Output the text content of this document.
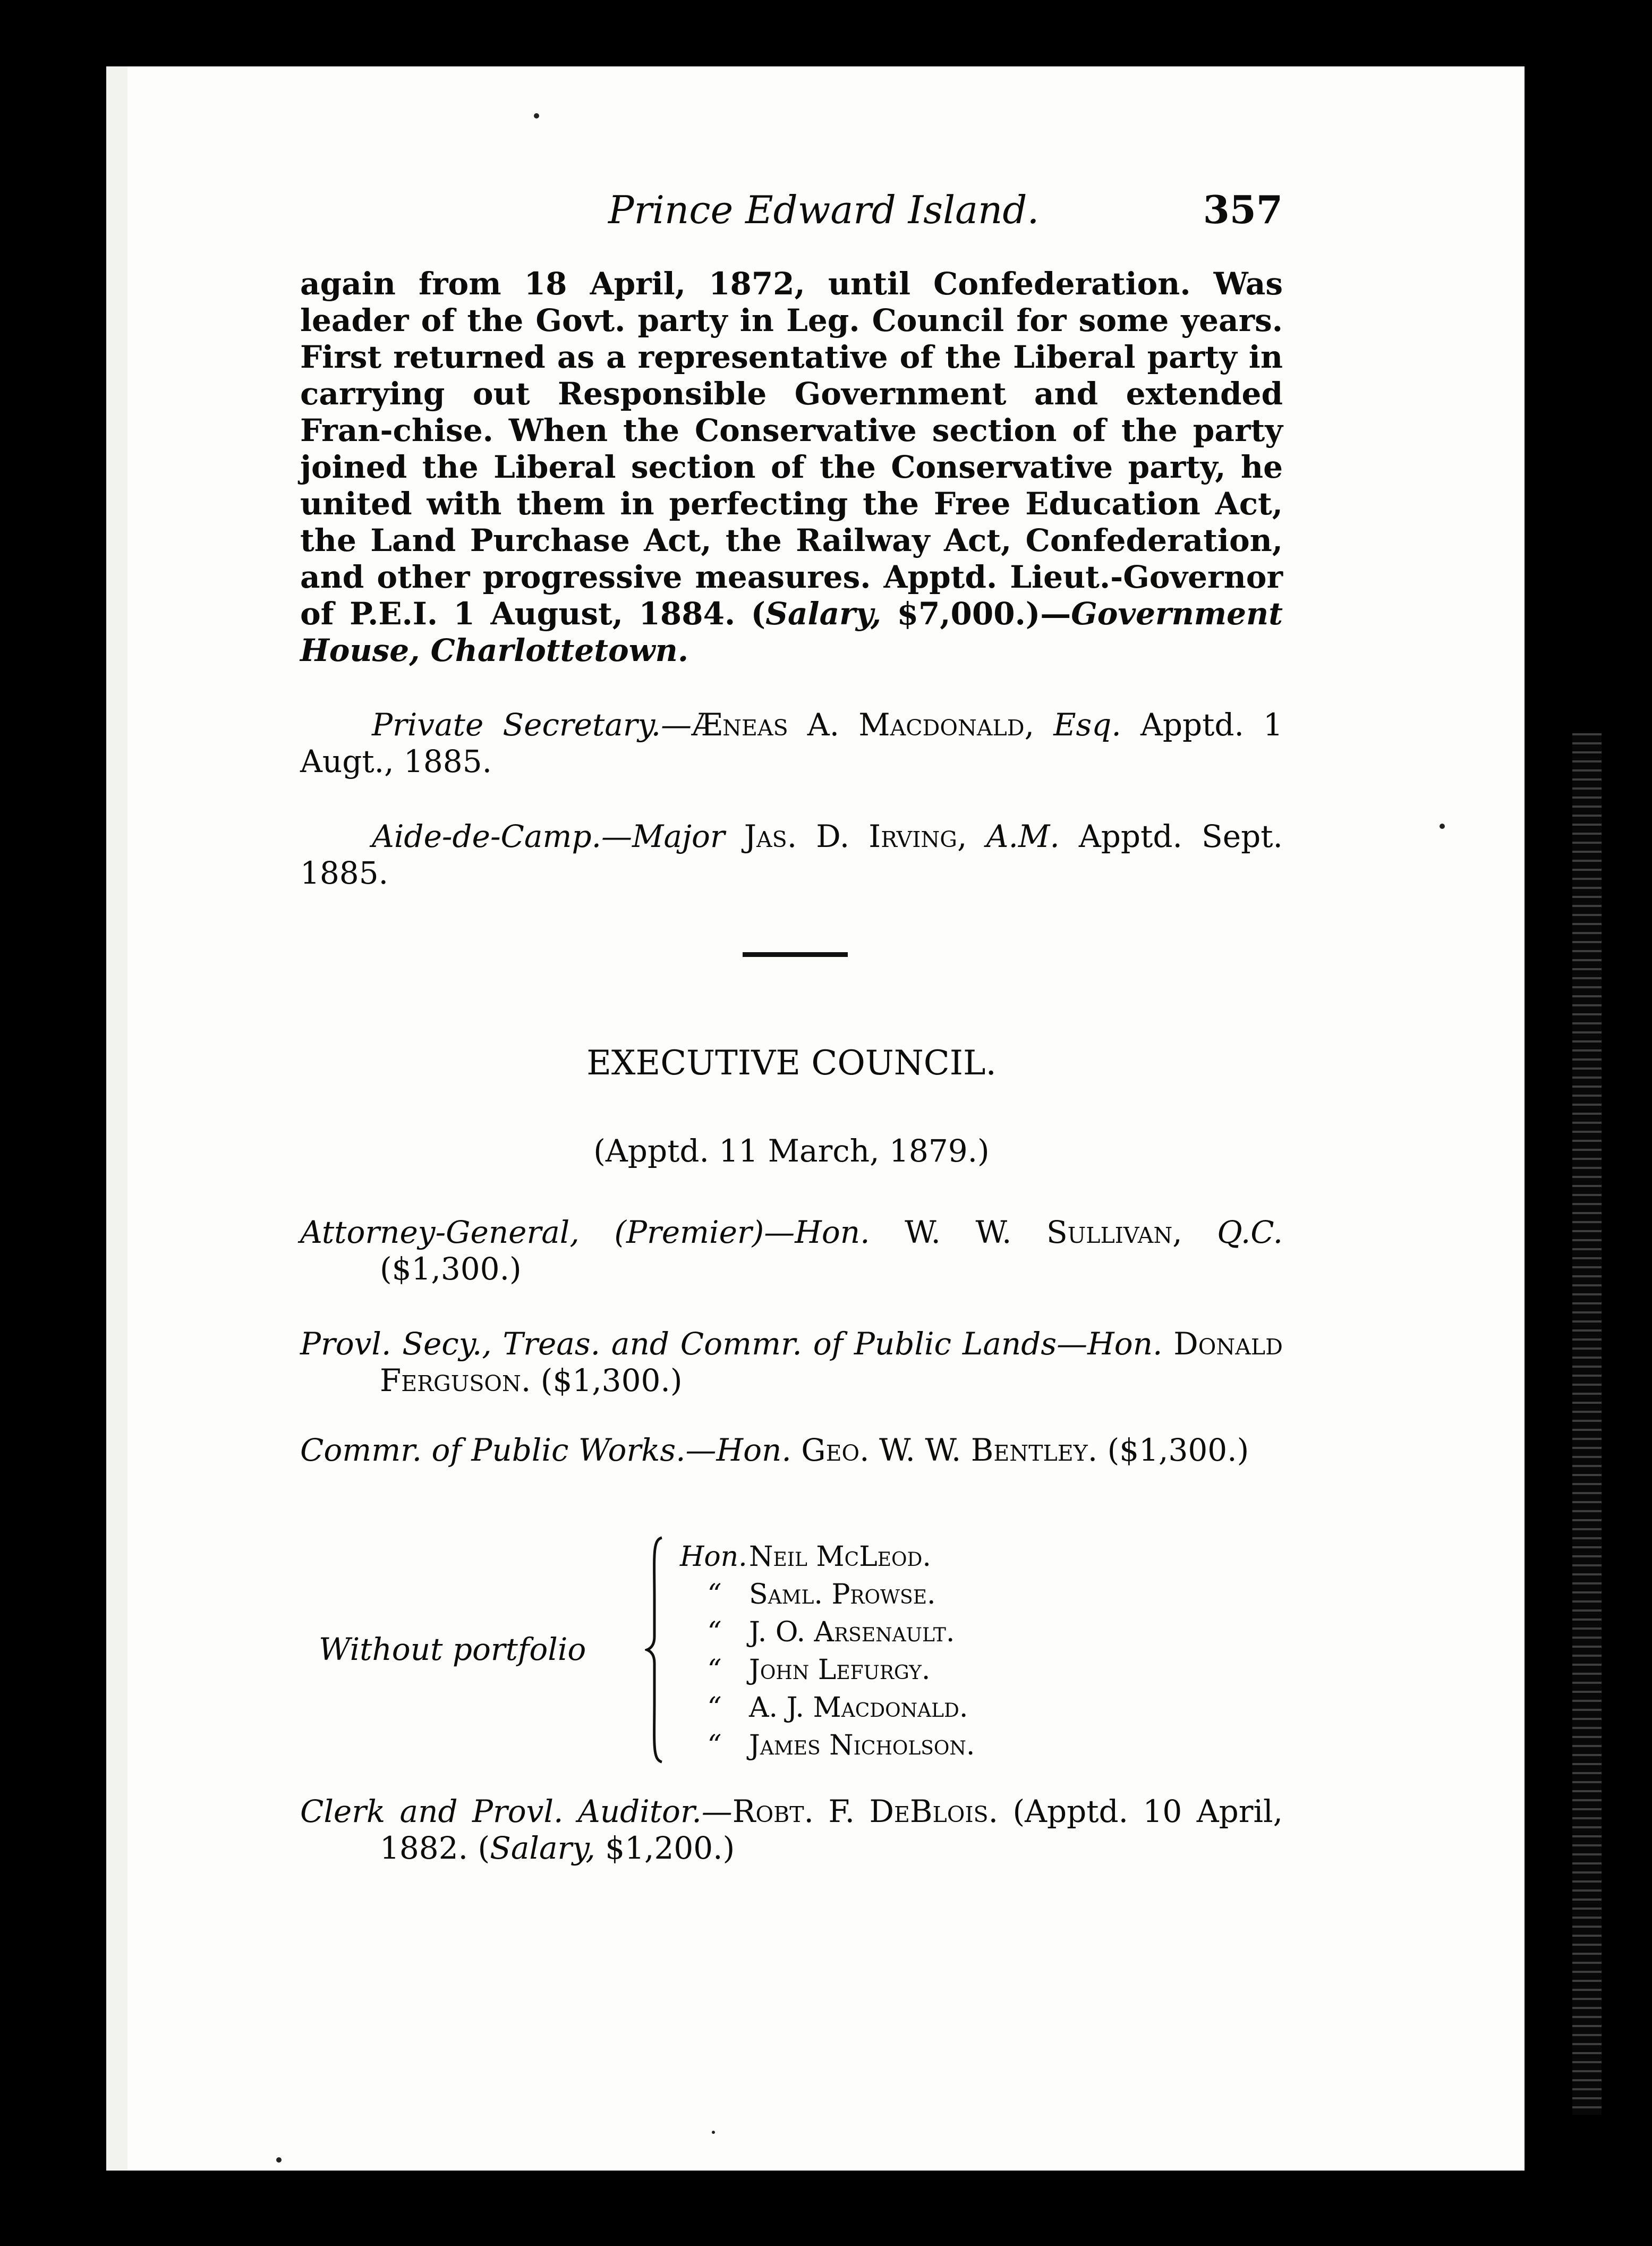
Prince Edward Island.	357

again from 18 April, 1872, until Confederation. Was leader of the Govt. party in Leg. Council for some years. First returned as a representative of the Liberal party in carrying out Responsible Government and extended Fran-chise. When the Conservative section of the party joined the Liberal section of the Conservative party, he united with them in perfecting the Free Education Act, the Land Purchase Act, the Railway Act, Confederation, and other progressive measures. Apptd. Lieut.-Governor of P.E.I. 1 August, 1884. (Salary, $7,000.)—Government House, Charlottetown.

Private Secretary.—Æneas A. Macdonald, Esq. Apptd. 1 Augt., 1885.

Aide-de-Camp.—Major Jas. D. Irving, A.M. Apptd. Sept. 1885.

EXECUTIVE COUNCIL.
(Apptd. 11 March, 1879.)

Attorney-General, (Premier)—Hon. W. W. Sullivan, Q.C. ($1,300.)

Provl. Secy., Treas. and Commr. of Public Lands—Hon. Donald Ferguson. ($1,300.)

Commr. of Public Works.—Hon. Geo. W. W. Bentley. ($1,300.)

Without portfolio
Hon.Neil McLeod.
“ Saml. Prowse.
“ J. O. Arsenault.
“ John Lefurgy.
“ A. J. Macdonald.
“ James Nicholson.

Clerk and Provl. Auditor.—Robt. F. DeBlois. (Apptd. 10 April, 1882. (Salary, $1,200.)
